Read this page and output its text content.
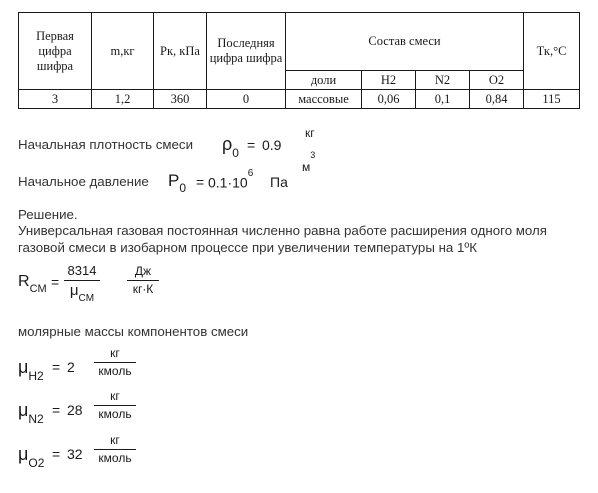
Первая цифра шифра	m,кг	Рк, кПа	Последняя цифра шифра	Состав смеси				Тк,°С
				доли	Н2	N2	О2	
3	1,2	360	0	массовые	0,06	0,1	0,84	115
Начальная плотность смеси $\rho_0 = 0.9$
кг
$м^3$
Начальное давление $P_0 = 0.1\cdot 10^6$
Па
Решение.
Универсальная газовая постоянная численно равна работе расширения одного моля
газовой смеси в изобарном процессе при увеличении температуры на 1ºК
$R_{CM}$ =
8314
$\mu_{CM}$
Дж
кг·К
молярные массы компонентов смеси
$\mu_{H2}$
= 2
кг
кмоль
$\mu_{N2}$
= 28
кг
кмоль
$\mu_{O2}$
= 32
кг
кмоль
